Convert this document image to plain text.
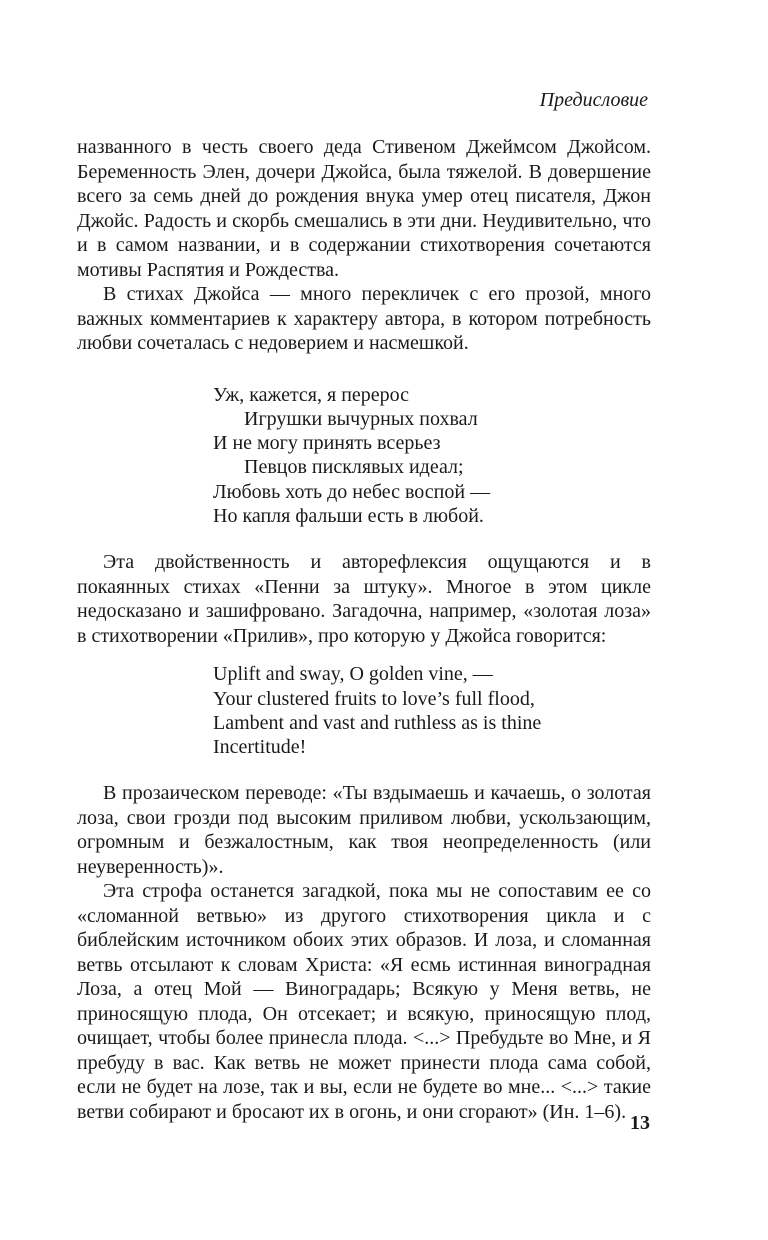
Предисловие

названного в честь своего деда Стивеном Джеймсом Джойсом. Беременность Элен, дочери Джойса, была тяжелой. В довершение всего за семь дней до рождения внука умер отец писателя, Джон Джойс. Радость и скорбь смешались в эти дни. Неудивительно, что и в самом названии, и в содержании стихотворения сочетаются мотивы Распятия и Рождества.

В стихах Джойса — много перекличек с его прозой, много важных комментариев к характеру автора, в котором потребность любви сочеталась с недоверием и насмешкой.

Уж, кажется, я перерос
Игрушки вычурных похвал
И не могу принять всерьез
Певцов писклявых идеал;
Любовь хоть до небес воспой —
Но капля фальши есть в любой.

Эта двойственность и авторефлексия ощущаются и в покаянных стихах «Пенни за штуку». Многое в этом цикле недосказано и зашифровано. Загадочна, например, «золотая лоза» в стихотворении «Прилив», про которую у Джойса говорится:

Uplift and sway, O golden vine, —
Your clustered fruits to love’s full flood,
Lambent and vast and ruthless as is thine
Incertitude!

В прозаическом переводе: «Ты вздымаешь и качаешь, о золотая лоза, свои грозди под высоким приливом любви, ускользающим, огромным и безжалостным, как твоя неопределенность (или неуверенность)».

Эта строфа останется загадкой, пока мы не сопоставим ее со «сломанной ветвью» из другого стихотворения цикла и с библейским источником обоих этих образов. И лоза, и сломанная ветвь отсылают к словам Христа: «Я есмь истинная виноградная Лоза, а отец Мой — Виноградарь; Всякую у Меня ветвь, не приносящую плода, Он отсекает; и всякую, приносящую плод, очищает, чтобы более принесла плода. <...> Пребудьте во Мне, и Я пребуду в вас. Как ветвь не может принести плода сама собой, если не будет на лозе, так и вы, если не будете во мне... <...> такие ветви собирают и бросают их в огонь, и они сгорают» (Ин. 1–6).

13
